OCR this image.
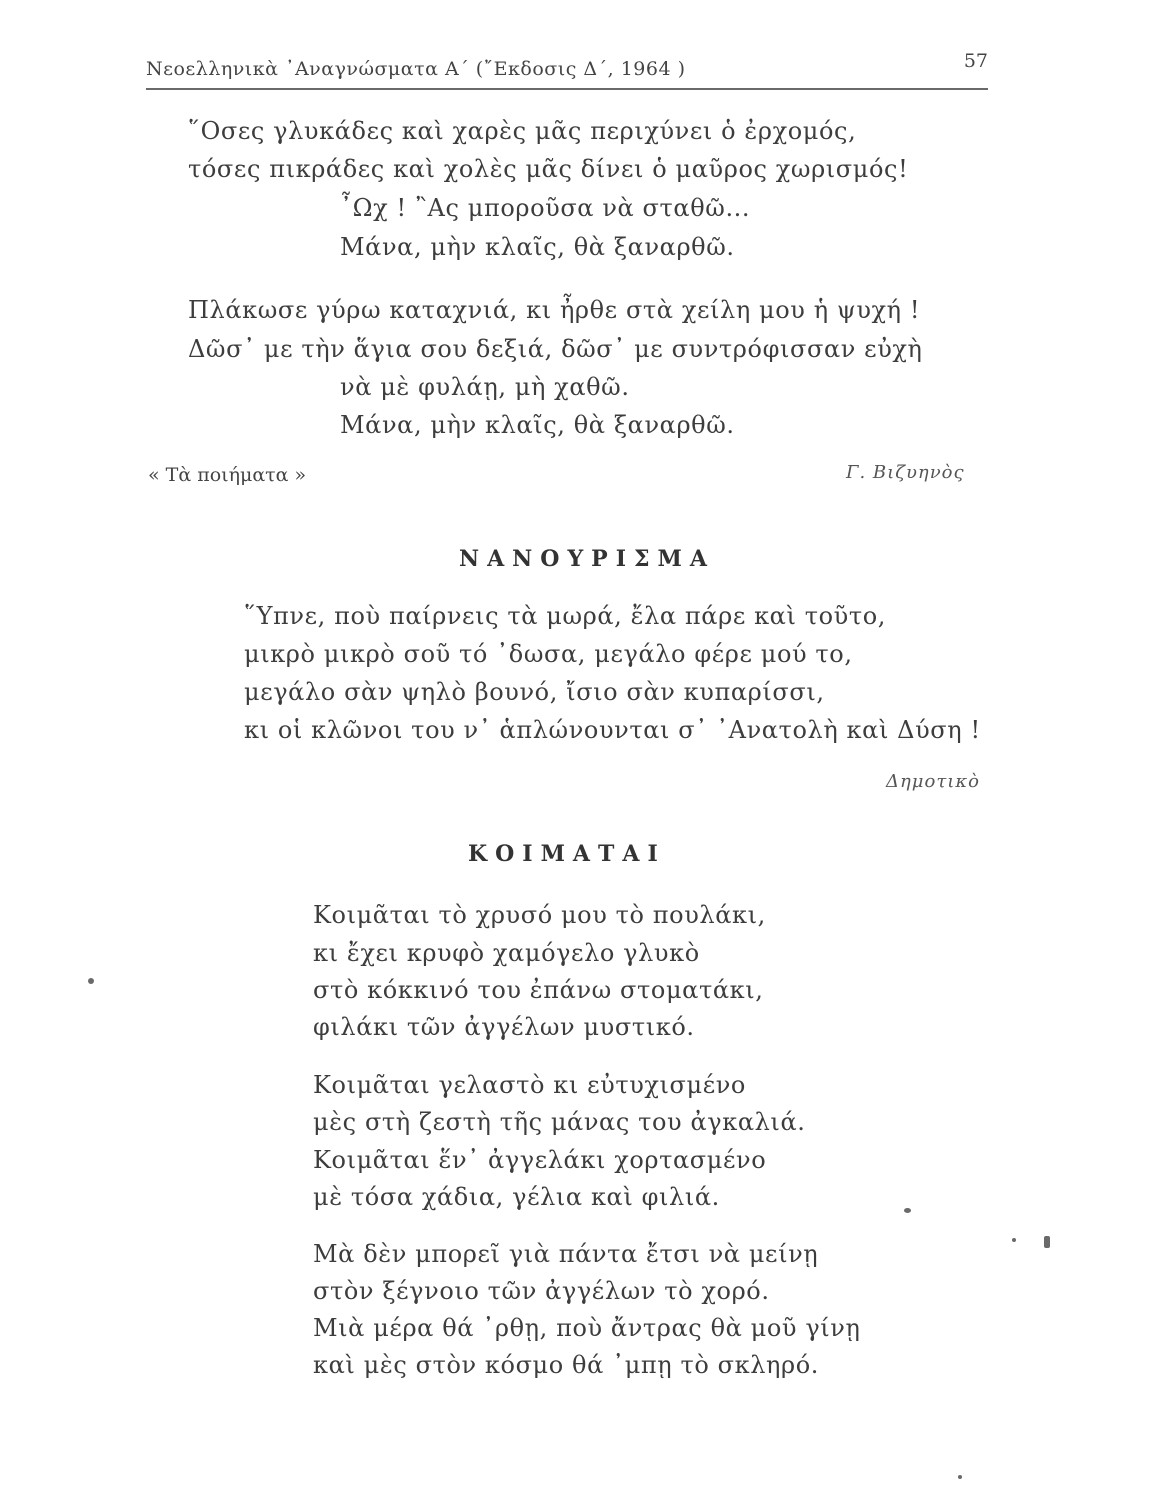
Νεοελληνικὰ ᾽Αναγνώσματα Α΄ (῎Εκδοσις Δ΄, 1964 )	57
῞Οσες γλυκάδες καὶ χαρὲς μᾶς περιχύνει ὁ ἐρχομός,
τόσες πικράδες καὶ χολὲς μᾶς δίνει ὁ μαῦρος χωρισμός!
῏Ωχ ! ῍Ας μποροῦσα νὰ σταθῶ...
Μάνα, μὴν κλαῖς, θὰ ξαναρθῶ.
Πλάκωσε γύρω καταχνιά, κι ἦρθε στὰ χείλη μου ἡ ψυχή !
Δῶσ᾽ με τὴν ἅγια σου δεξιά, δῶσ᾽ με συντρόφισσαν εὐχὴ
νὰ μὲ φυλάῃ, μὴ χαθῶ.
Μάνα, μὴν κλαῖς, θὰ ξαναρθῶ.
« Τὰ ποιήματα »	Γ. Βιζυηνὸς
ΝΑΝΟΥΡΙΣΜΑ
῞Υπνε, ποὺ παίρνεις τὰ μωρά, ἔλα πάρε καὶ τοῦτο,
μικρὸ μικρὸ σοῦ τό ᾽δωσα, μεγάλο φέρε μού το,
μεγάλο σὰν ψηλὸ βουνό, ἴσιο σὰν κυπαρίσσι,
κι οἱ κλῶνοι του ν᾽ ἁπλώνουνται σ᾽ ᾽Ανατολὴ καὶ Δύση !
Δημοτικὸ
ΚΟΙΜΑΤΑΙ
Κοιμᾶται τὸ χρυσό μου τὸ πουλάκι,
κι ἔχει κρυφὸ χαμόγελο γλυκὸ
στὸ κόκκινό του ἐπάνω στοματάκι,
φιλάκι τῶν ἀγγέλων μυστικό.
Κοιμᾶται γελαστὸ κι εὐτυχισμένο
μὲς στὴ ζεστὴ τῆς μάνας του ἀγκαλιά.
Κοιμᾶται ἕν᾽ ἀγγελάκι χορτασμένο
μὲ τόσα χάδια, γέλια καὶ φιλιά.
Μὰ δὲν μπορεῖ γιὰ πάντα ἔτσι νὰ μείνῃ
στὸν ξέγνοιο τῶν ἀγγέλων τὸ χορό.
Μιὰ μέρα θά ᾽ρθῃ, ποὺ ἄντρας θὰ μοῦ γίνῃ
καὶ μὲς στὸν κόσμο θά ᾽μπῃ τὸ σκληρό.
